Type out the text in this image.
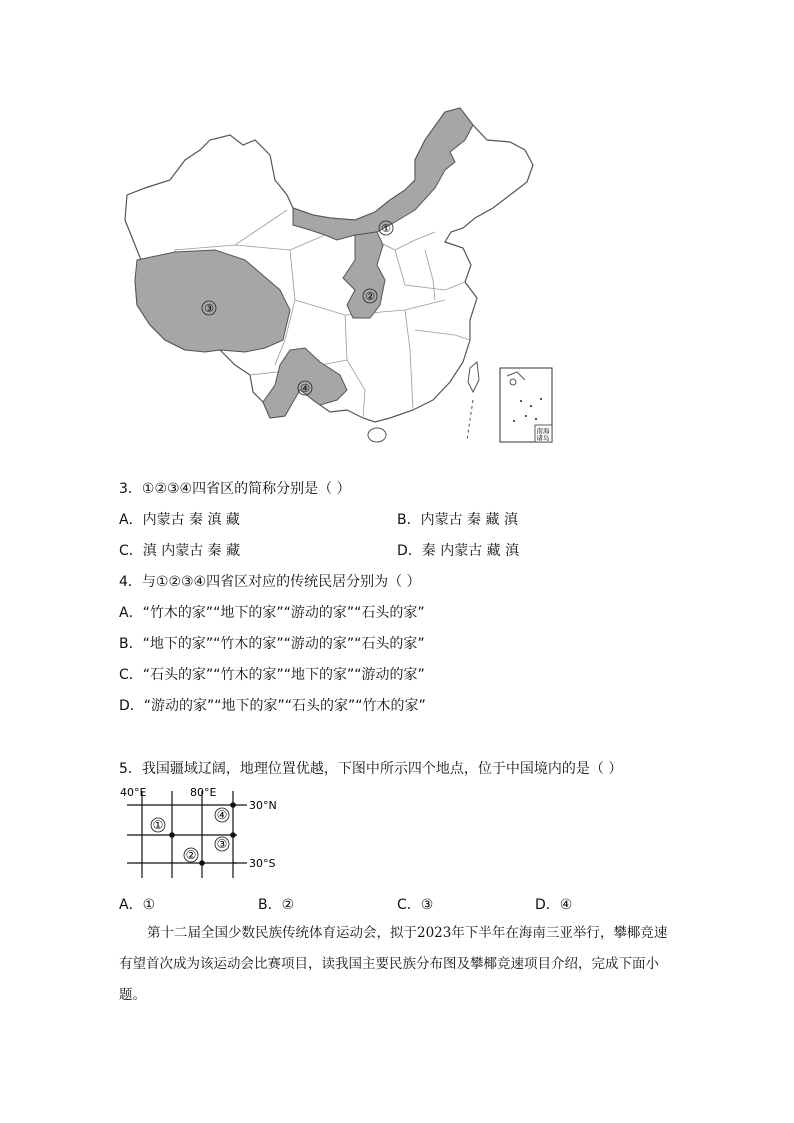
①
②
③
④
南海
诸岛
3．①②③④四省区的简称分别是（ ）
A．内蒙古 秦 滇 藏	B．内蒙古 秦 藏 滇
C．滇 内蒙古 秦 藏	D．秦 内蒙古 藏 滇
4．与①②③④四省区对应的传统民居分别为（ ）
A．“竹木的家”“地下的家”“游动的家”“石头的家”
B．“地下的家”“竹木的家”“游动的家”“石头的家”
C．“石头的家”“竹木的家”“地下的家”“游动的家”
D．“游动的家”“地下的家”“石头的家”“竹木的家”
5．我国疆域辽阔，地理位置优越，下图中所示四个地点，位于中国境内的是（ ）
40°E	80°E
30°N
30°S
①
②
③
④
A．①	B．②	C．③	D．④
第十二届全国少数民族传统体育运动会，拟于2023年下半年在海南三亚举行，攀椰竞速有望首次成为该运动会比赛项目，读我国主要民族分布图及攀椰竞速项目介绍，完成下面小题。
